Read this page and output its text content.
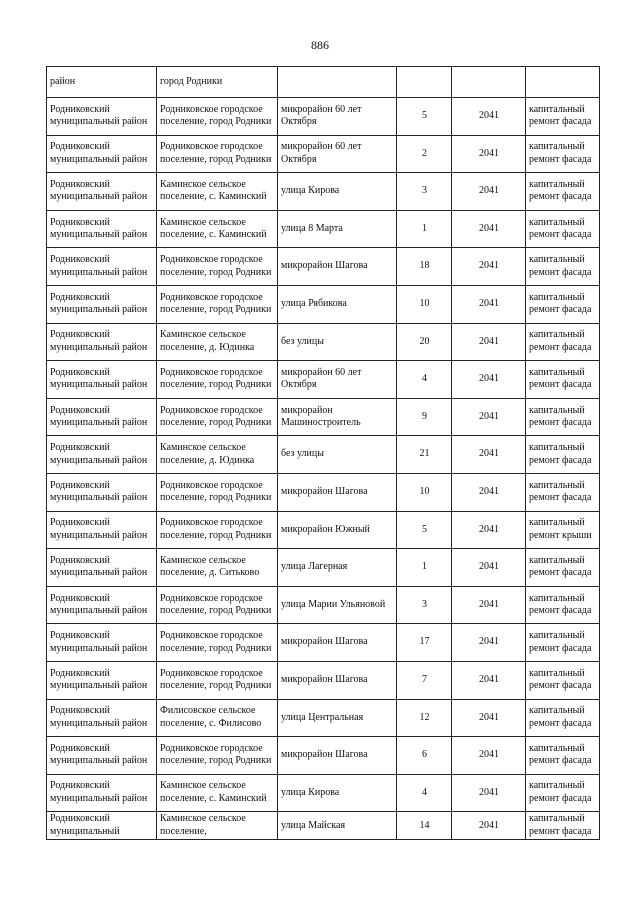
886
район	город Родники				
Родниковский муниципальный район	Родниковское городское поселение, город Родники	микрорайон 60 лет Октября	5	2041	капитальный ремонт фасада
Родниковский муниципальный район	Родниковское городское поселение, город Родники	микрорайон 60 лет Октября	2	2041	капитальный ремонт фасада
Родниковский муниципальный район	Каминское сельское поселение, с. Каминский	улица Кирова	3	2041	капитальный ремонт фасада
Родниковский муниципальный район	Каминское сельское поселение, с. Каминский	улица 8 Марта	1	2041	капитальный ремонт фасада
Родниковский муниципальный район	Родниковское городское поселение, город Родники	микрорайон Шагова	18	2041	капитальный ремонт фасада
Родниковский муниципальный район	Родниковское городское поселение, город Родники	улица Рябикова	10	2041	капитальный ремонт фасада
Родниковский муниципальный район	Каминское сельское поселение, д. Юдинка	без улицы	20	2041	капитальный ремонт фасада
Родниковский муниципальный район	Родниковское городское поселение, город Родники	микрорайон 60 лет Октября	4	2041	капитальный ремонт фасада
Родниковский муниципальный район	Родниковское городское поселение, город Родники	микрорайон Машиностроитель	9	2041	капитальный ремонт фасада
Родниковский муниципальный район	Каминское сельское поселение, д. Юдинка	без улицы	21	2041	капитальный ремонт фасада
Родниковский муниципальный район	Родниковское городское поселение, город Родники	микрорайон Шагова	10	2041	капитальный ремонт фасада
Родниковский муниципальный район	Родниковское городское поселение, город Родники	микрорайон Южный	5	2041	капитальный ремонт крыши
Родниковский муниципальный район	Каминское сельское поселение, д. Ситьково	улица Лагерная	1	2041	капитальный ремонт фасада
Родниковский муниципальный район	Родниковское городское поселение, город Родники	улица Марии Ульяновой	3	2041	капитальный ремонт фасада
Родниковский муниципальный район	Родниковское городское поселение, город Родники	микрорайон Шагова	17	2041	капитальный ремонт фасада
Родниковский муниципальный район	Родниковское городское поселение, город Родники	микрорайон Шагова	7	2041	капитальный ремонт фасада
Родниковский муниципальный район	Филисовское сельское поселение, с. Филисово	улица Центральная	12	2041	капитальный ремонт фасада
Родниковский муниципальный район	Родниковское городское поселение, город Родники	микрорайон Шагова	6	2041	капитальный ремонт фасада
Родниковский муниципальный район	Каминское сельское поселение, с. Каминский	улица Кирова	4	2041	капитальный ремонт фасада
Родниковский муниципальный	Каминское сельское поселение,	улица Майская	14	2041	капитальный ремонт фасада
